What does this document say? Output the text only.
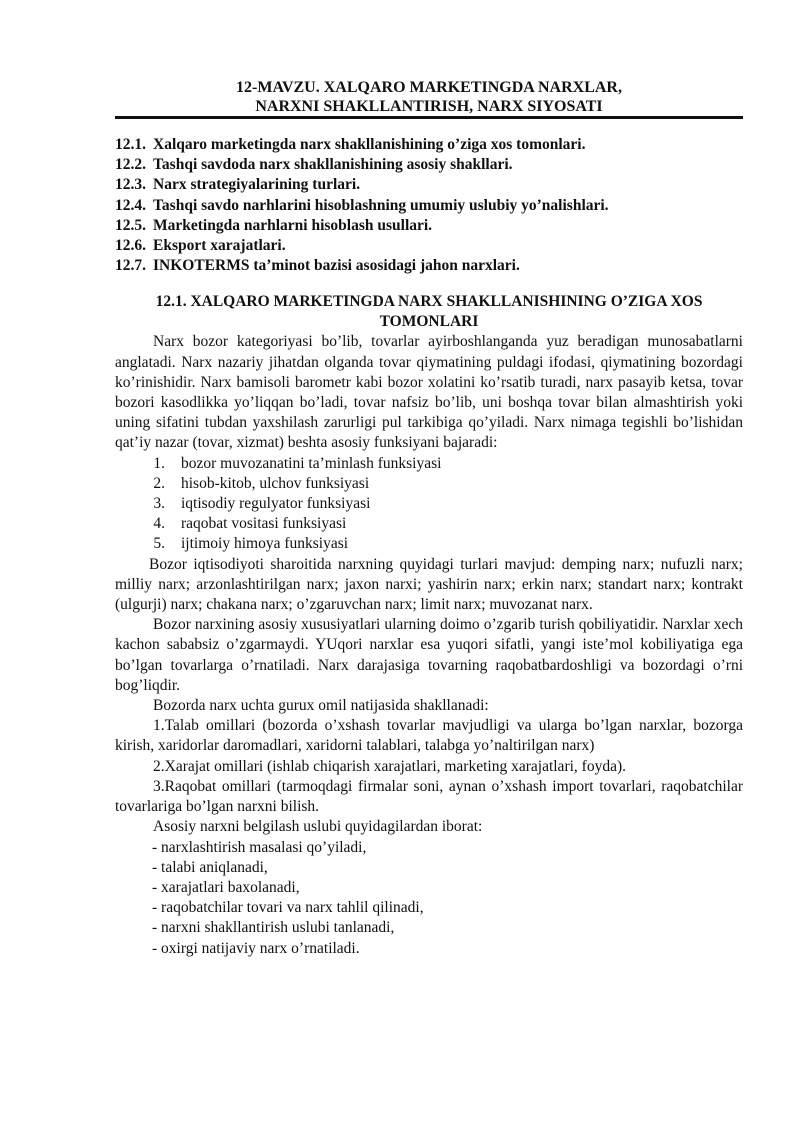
12-MAVZU. XALQARO MARKETINGDA NARXLAR,
NARXNI SHAKLLANTIRISH, NARX SIYOSATI
12.1. Xalqaro marketingda narx shakllanishining o’ziga xos tomonlari.
12.2. Tashqi savdoda narx shakllanishining asosiy shakllari.
12.3. Narx strategiyalarining turlari.
12.4. Tashqi savdo narhlarini hisoblashning umumiy uslubiy yo’nalishlari.
12.5. Marketingda narhlarni hisoblash usullari.
12.6. Eksport xarajatlari.
12.7. INKOTERMS ta’minot bazisi asosidagi jahon narxlari.
12.1. XALQARO MARKETINGDA NARX SHAKLLANISHINING O’ZIGA XOS
TOMONLARI

Narx bozor kategoriyasi bo’lib, tovarlar ayirboshlanganda yuz beradigan munosabatlarni anglatadi. Narx nazariy jihatdan olganda tovar qiymatining puldagi ifodasi, qiymatining bozordagi ko’rinishidir. Narx bamisoli barometr kabi bozor xolatini ko’rsatib turadi, narx pasayib ketsa, tovar bozori kasodlikka yo’liqqan bo’ladi, tovar nafsiz bo’lib, uni boshqa tovar bilan almashtirish yoki uning sifatini tubdan yaxshilash zarurligi pul tarkibiga qo’yiladi. Narx nimaga tegishli bo’lishidan qat’iy nazar (tovar, xizmat) beshta asosiy funksiyani bajaradi:

1.	bozor muvozanatini ta’minlash funksiyasi
2.	hisob-kitob, ulchov funksiyasi
3.	iqtisodiy regulyator funksiyasi
4.	raqobat vositasi funksiyasi
5.	ijtimoiy himoya funksiyasi

Bozor iqtisodiyoti sharoitida narxning quyidagi turlari mavjud: demping narx; nufuzli narx; milliy narx; arzonlashtirilgan narx; jaxon narxi; yashirin narx; erkin narx; standart narx; kontrakt (ulgurji) narx; chakana narx; o’zgaruvchan narx; limit narx; muvozanat narx.

Bozor narxining asosiy xususiyatlari ularning doimo o’zgarib turish qobiliyatidir. Narxlar xech kachon sababsiz o’zgarmaydi. YUqori narxlar esa yuqori sifatli, yangi iste’mol kobiliyatiga ega bo’lgan tovarlarga o’rnatiladi. Narx darajasiga tovarning raqobatbardoshligi va bozordagi o’rni bog’liqdir.

Bozorda narx uchta gurux omil natijasida shakllanadi:

1.Talab omillari (bozorda o’xshash tovarlar mavjudligi va ularga bo’lgan narxlar, bozorga kirish, xaridorlar daromadlari, xaridorni talablari, talabga yo’naltirilgan narx)

2.Xarajat omillari (ishlab chiqarish xarajatlari, marketing xarajatlari, foyda).

3.Raqobat omillari (tarmoqdagi firmalar soni, aynan o’xshash import tovarlari, raqobatchilar tovarlariga bo’lgan narxni bilish.

Asosiy narxni belgilash uslubi quyidagilardan iborat:

- narxlashtirish masalasi qo’yiladi,
- talabi aniqlanadi,
- xarajatlari baxolanadi,
- raqobatchilar tovari va narx tahlil qilinadi,
- narxni shakllantirish uslubi tanlanadi,
- oxirgi natijaviy narx o’rnatiladi.
